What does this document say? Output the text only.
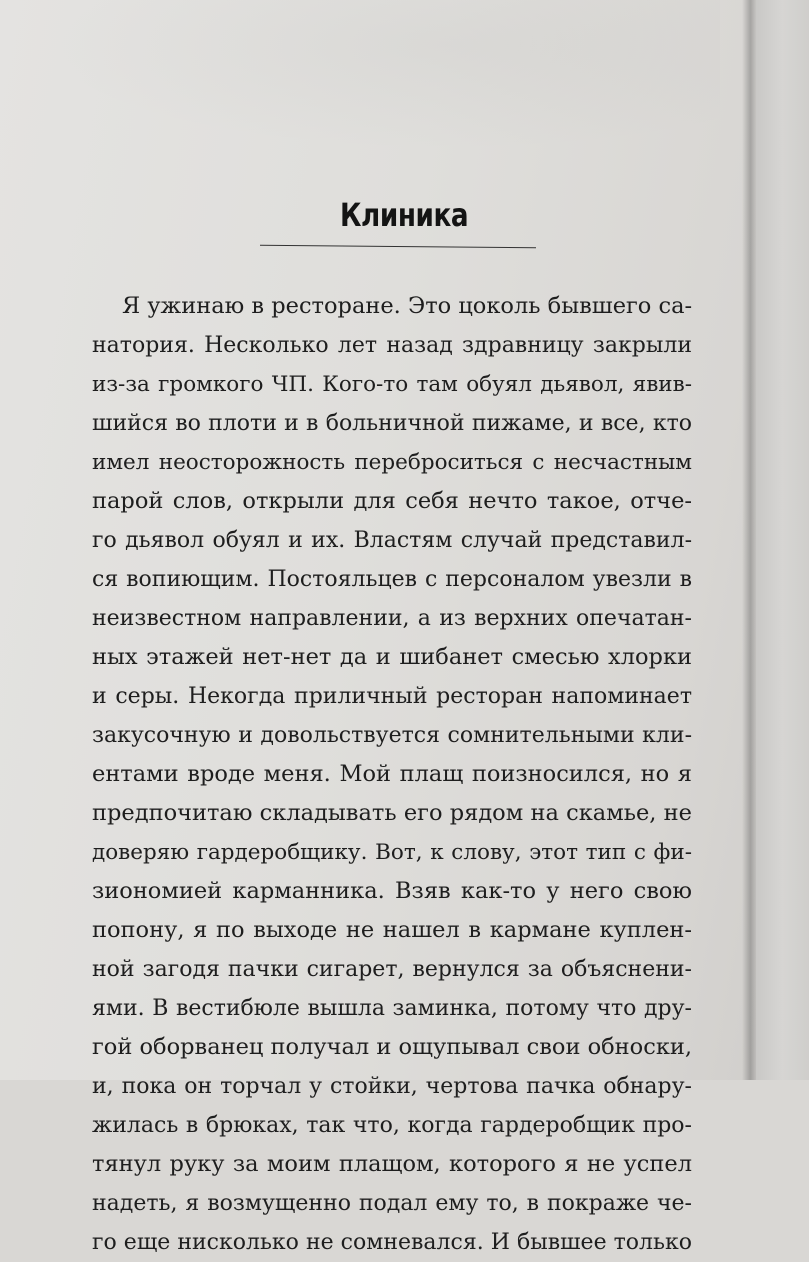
Клиника
Я ужинаю в ресторане. Это цоколь бывшего са-
натория. Несколько лет назад здравницу закрыли
из-за громкого ЧП. Кого-то там обуял дьявол, явив-
шийся во плоти и в больничной пижаме, и все, кто
имел неосторожность переброситься с несчастным
парой слов, открыли для себя нечто такое, отче-
го дьявол обуял и их. Властям случай представил-
ся вопиющим. Постояльцев с персоналом увезли в
неизвестном направлении, а из верхних опечатан-
ных этажей нет-нет да и шибанет смесью хлорки
и серы. Некогда приличный ресторан напоминает
закусочную и довольствуется сомнительными кли-
ентами вроде меня. Мой плащ поизносился, но я
предпочитаю складывать его рядом на скамье, не
доверяю гардеробщику. Вот, к слову, этот тип с фи-
зиономией карманника. Взяв как-то у него свою
попону, я по выходе не нашел в кармане куплен-
ной загодя пачки сигарет, вернулся за объяснени-
ями. В вестибюле вышла заминка, потому что дру-
гой оборванец получал и ощупывал свои обноски,
и, пока он торчал у стойки, чертова пачка обнару-
жилась в брюках, так что, когда гардеробщик про-
тянул руку за моим плащом, которого я не успел
надеть, я возмущенно подал ему то, в покраже че-
го еще нисколько не сомневался. И бывшее только
